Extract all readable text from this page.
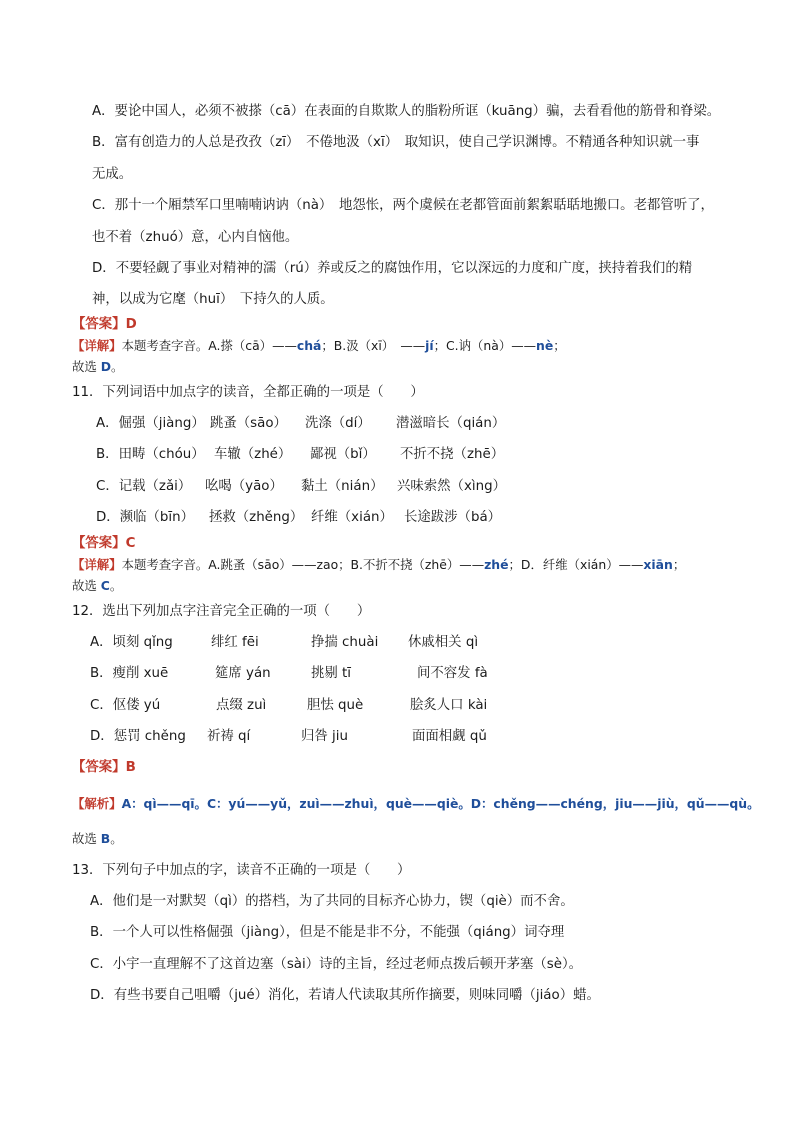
A．要论中国人，必须不被搽（cā）在表面的自欺欺人的脂粉所诓（kuāng）骗，去看看他的筋骨和脊梁。
B．富有创造力的人总是孜孜（zī）　不倦地汲（xī）　取知识，使自己学识渊博。不精通各种知识就一事
无成。
C．那十一个厢禁军口里喃喃讷讷（nà）　地怨怅，两个虞候在老都管面前絮絮聒聒地搬口。老都管听了，
也不着（zhuó）意，心内自恼他。
D．不要轻觑了事业对精神的濡（rú）养或反之的腐蚀作用，它以深远的力度和广度，挟持着我们的精
神，以成为它麾（huī）　下持久的人质。
【答案】D
【详解】本题考查字音。A.搽（cā）——chá；B.汲（xī）　——jí；C.讷（nà）——nè；
故选 D。
11．下列词语中加点字的读音，全都正确的一项是（　　）
A．倔强（jiàng） 跳蚤（sāo） 洗涤（dí） 潜滋暗长（qián）
B．田畴（chóu） 车辙（zhé） 鄙视（bǐ） 不折不挠（zhē）
C．记载（zǎi） 吆喝（yāo） 黏土（nián） 兴味索然（xìng）
D．濒临（bīn） 拯救（zhěng） 纤维（xián） 长途跋涉（bá）
【答案】C
【详解】本题考查字音。A.跳蚤（sāo）——zao；B.不折不挠（zhē）——zhé；D．纤维（xián）——xiān；
故选 C。
12．选出下列加点字注音完全正确的一项（　　）
A．顷刻 qǐng	绯红 fēi	挣揣 chuài 休戚相关 qì
B．瘦削 xuē	筵席 yán	挑剔 tī	间不容发 fà
C．伛偻 yú	点缀 zuì	胆怯 què	脍炙人口 kài
D．惩罚 chěng 祈祷 qí	归咎 jiu	面面相觑 qǔ
【答案】B
【解析】A：qì——qī。C：yú——yǔ，zuì——zhuì，què——qiè。D：chěng——chéng，jiu——jiù，qǔ——qù。
故选 B。
13．下列句子中加点的字，读音不正确的一项是（　　）
A．他们是一对默契（qì）的搭档，为了共同的目标齐心协力，锲（qiè）而不舍。
B．一个人可以性格倔强（jiàng），但是不能是非不分，不能强（qiáng）词夺理
C．小宇一直理解不了这首边塞（sài）诗的主旨，经过老师点拨后顿开茅塞（sè）。
D．有些书要自己咀嚼（jué）消化，若请人代读取其所作摘要，则味同嚼（jiáo）蜡。
